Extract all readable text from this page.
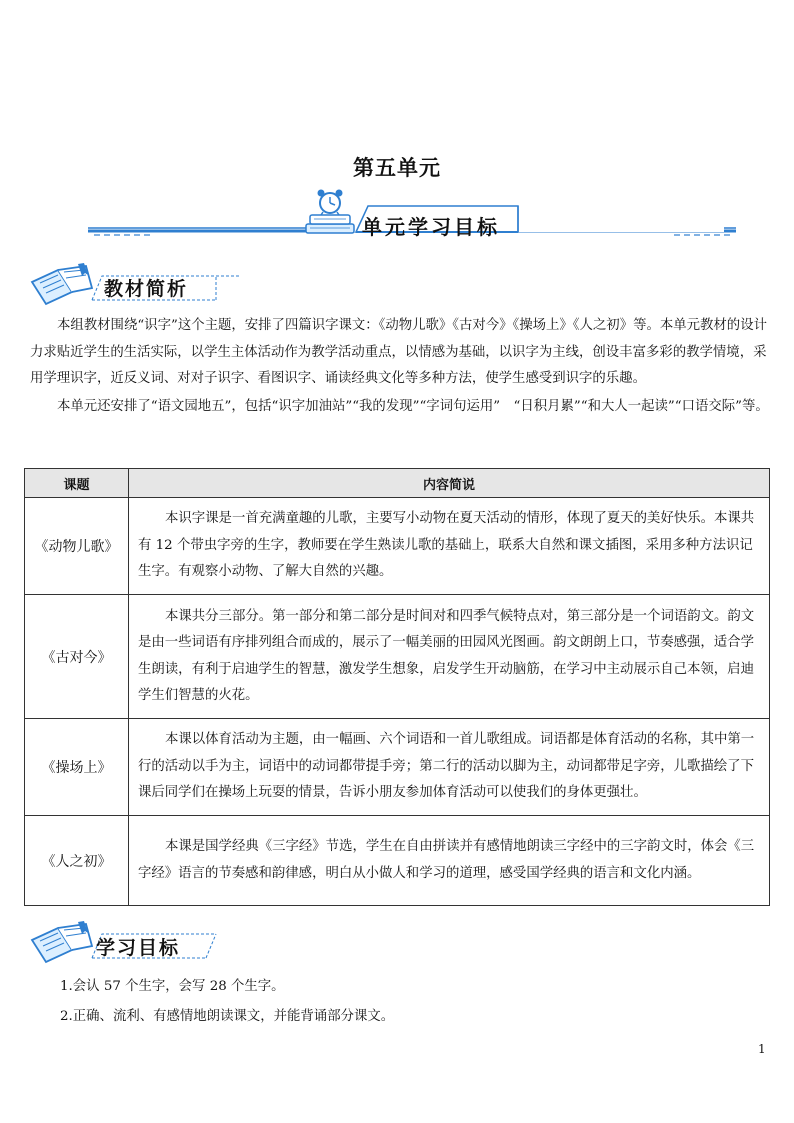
第五单元
单元学习目标
教材简析

本组教材围绕“识字”这个主题，安排了四篇识字课文：《动物儿歌》《古对今》《操场上》《人之初》等。本单元教材的设计力求贴近学生的生活实际，以学生主体活动作为教学活动重点，以情感为基础，以识字为主线，创设丰富多彩的教学情境，采用学理识字，近反义词、对对子识字、看图识字、诵读经典文化等多种方法，使学生感受到识字的乐趣。

本单元还安排了“语文园地五”，包括“识字加油站”“我的发现”“字词句运用”　“日积月累”“和大人一起读”“口语交际”等。

课题	内容简说
《动物儿歌》	本识字课是一首充满童趣的儿歌，主要写小动物在夏天活动的情形，体现了夏天的美好快乐。本课共有 12 个带虫字旁的生字，教师要在学生熟读儿歌的基础上，联系大自然和课文插图，采用多种方法识记生字。有观察小动物、了解大自然的兴趣。
《古对今》	本课共分三部分。第一部分和第二部分是时间对和四季气候特点对，第三部分是一个词语韵文。韵文是由一些词语有序排列组合而成的，展示了一幅美丽的田园风光图画。韵文朗朗上口，节奏感强，适合学生朗读，有利于启迪学生的智慧，激发学生想象，启发学生开动脑筋，在学习中主动展示自己本领，启迪学生们智慧的火花。
《操场上》	本课以体育活动为主题，由一幅画、六个词语和一首儿歌组成。词语都是体育活动的名称，其中第一行的活动以手为主，词语中的动词都带提手旁；第二行的活动以脚为主，动词都带足字旁，儿歌描绘了下课后同学们在操场上玩耍的情景，告诉小朋友参加体育活动可以使我们的身体更强壮。
《人之初》	本课是国学经典《三字经》节选，学生在自由拼读并有感情地朗读三字经中的三字韵文时，体会《三字经》语言的节奏感和韵律感，明白从小做人和学习的道理，感受国学经典的语言和文化内涵。
学习目标
1.会认 57 个生字，会写 28 个生字。
2.正确、流利、有感情地朗读课文，并能背诵部分课文。
1
